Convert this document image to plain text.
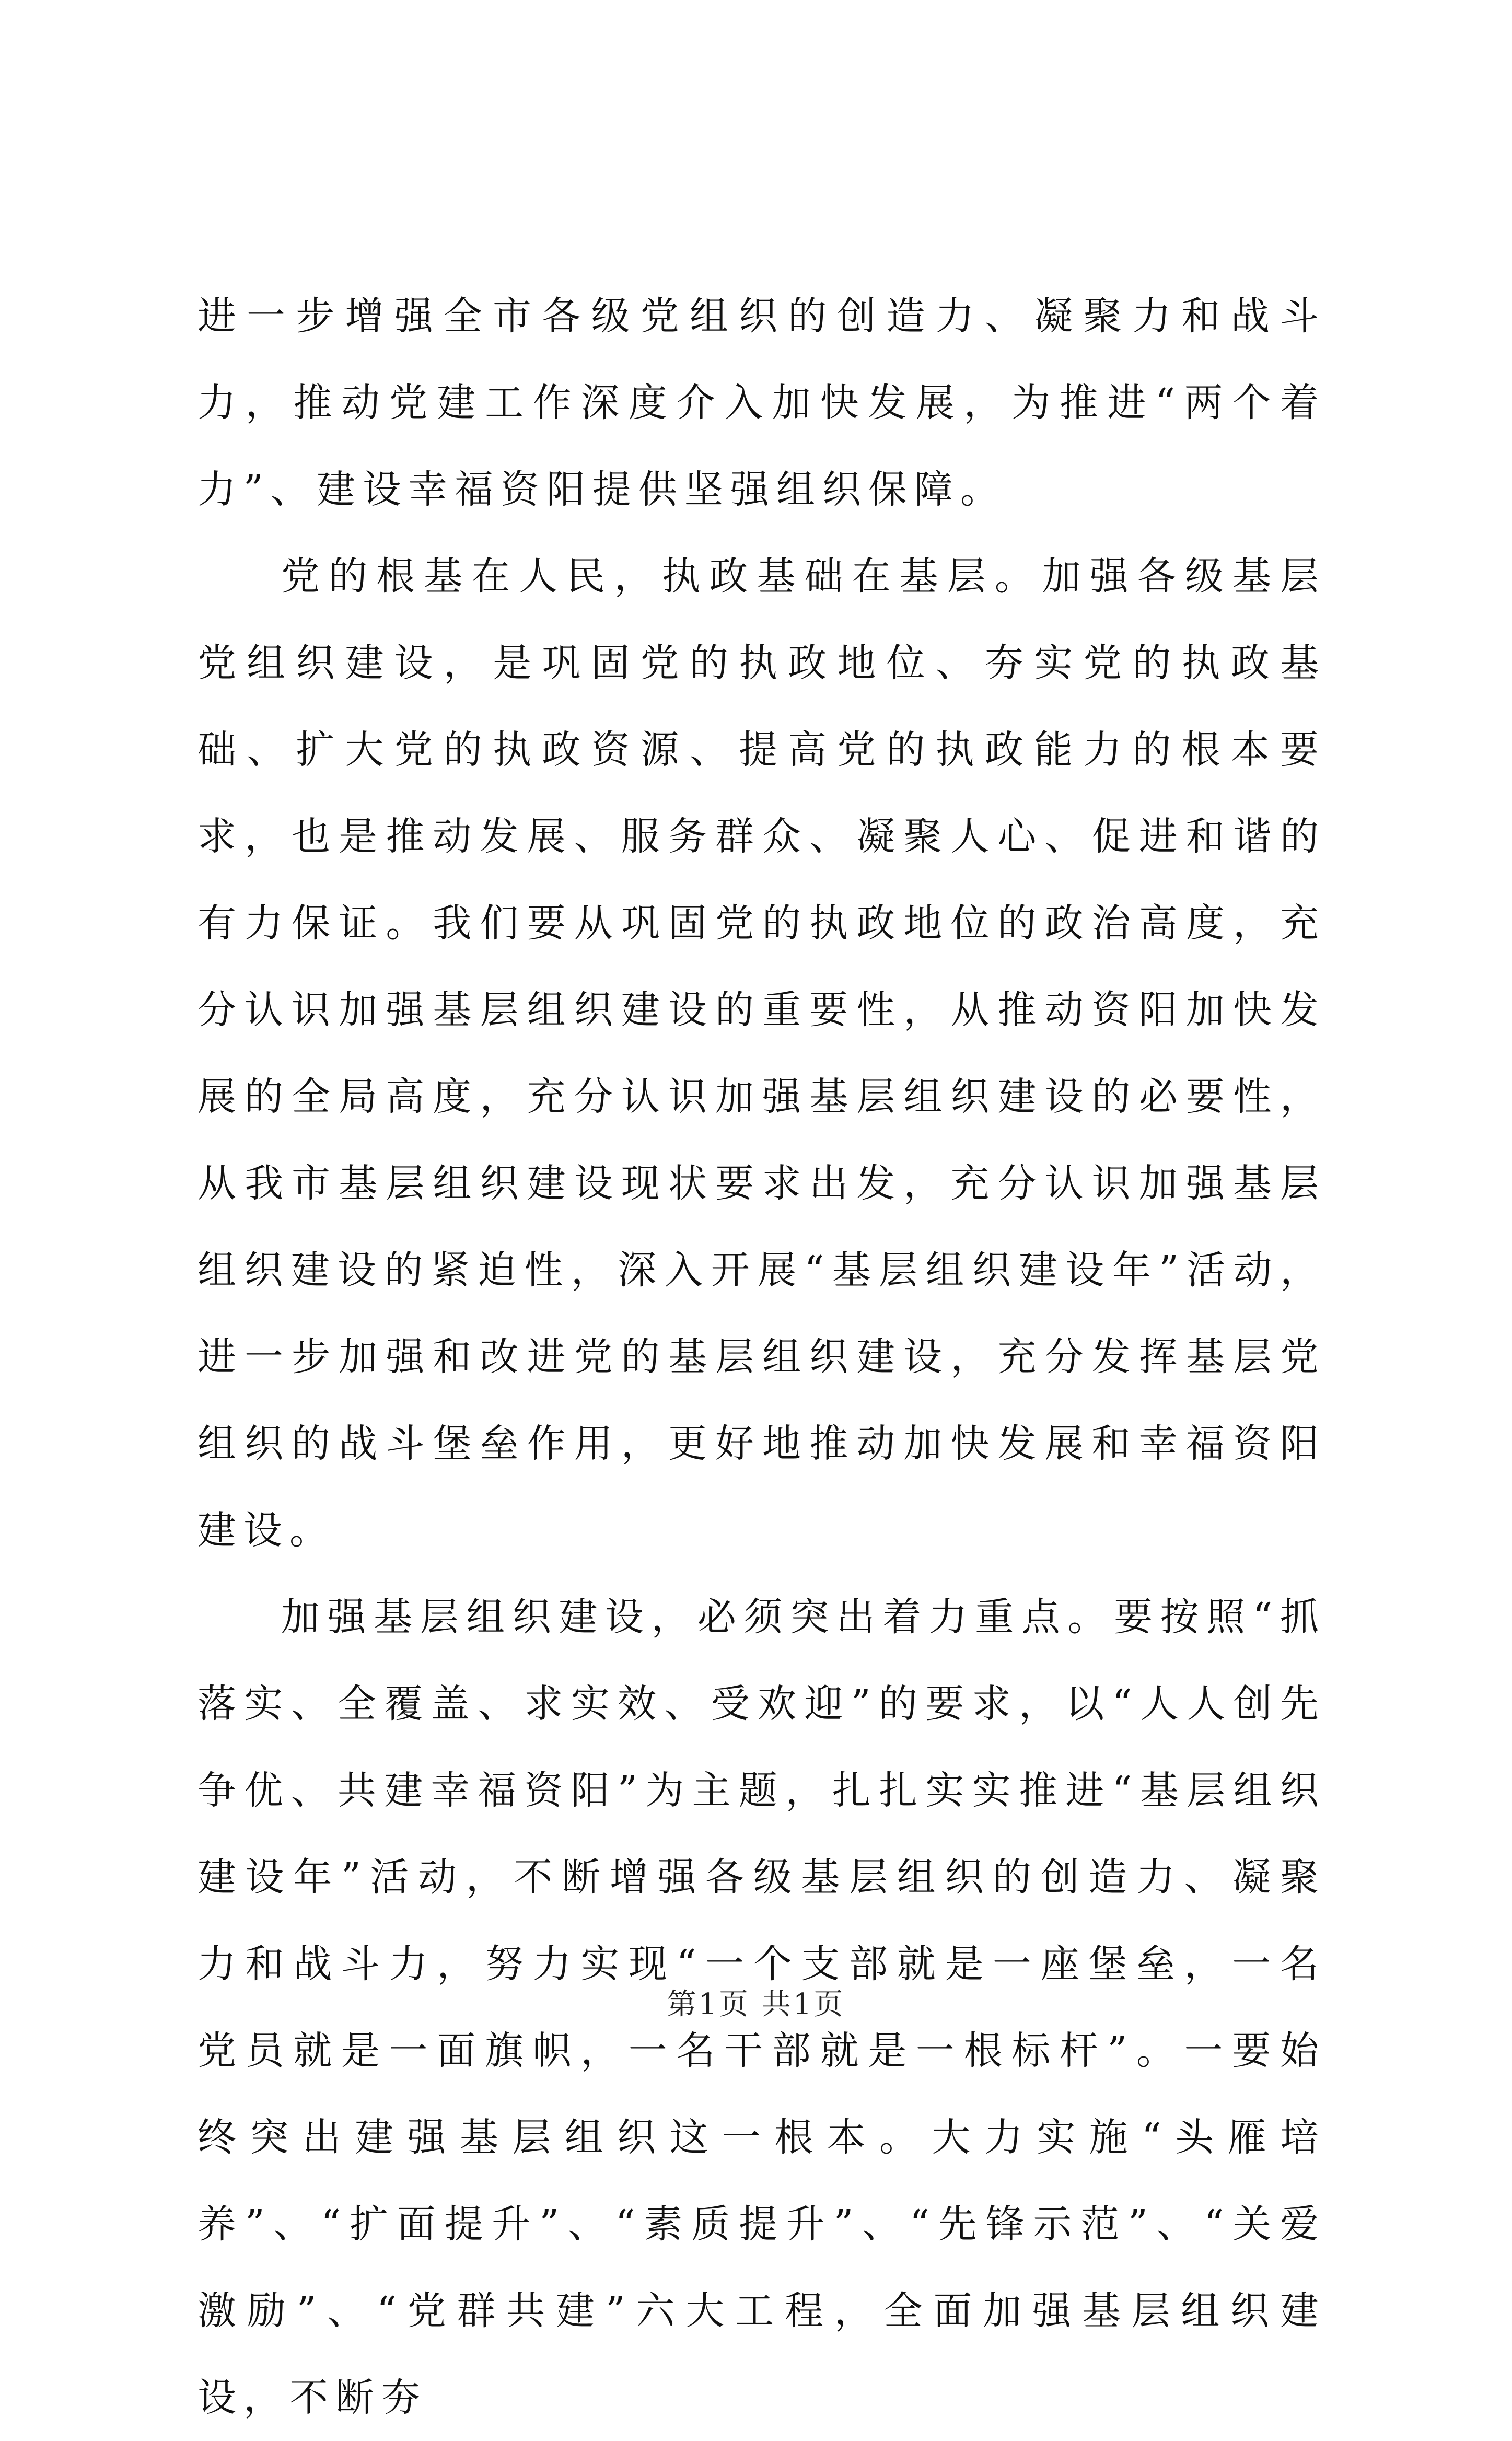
进一步增强全市各级党组织的创造力、凝聚力和战斗力，推动党建工作深度介入加快发展，为推进“两个着力”、建设幸福资阳提供坚强组织保障。

党的根基在人民，执政基础在基层。加强各级基层党组织建设，是巩固党的执政地位、夯实党的执政基础、扩大党的执政资源、提高党的执政能力的根本要求，也是推动发展、服务群众、凝聚人心、促进和谐的有力保证。我们要从巩固党的执政地位的政治高度，充分认识加强基层组织建设的重要性，从推动资阳加快发展的全局高度，充分认识加强基层组织建设的必要性，从我市基层组织建设现状要求出发，充分认识加强基层组织建设的紧迫性，深入开展“基层组织建设年”活动，进一步加强和改进党的基层组织建设，充分发挥基层党组织的战斗堡垒作用，更好地推动加快发展和幸福资阳建设。

加强基层组织建设，必须突出着力重点。要按照“抓落实、全覆盖、求实效、受欢迎”的要求，以“人人创先争优、共建幸福资阳”为主题，扎扎实实推进“基层组织建设年”活动，不断增强各级基层组织的创造力、凝聚力和战斗力，努力实现“一个支部就是一座堡垒，一名党员就是一面旗帜，一名干部就是一根标杆”。一要始终突出建强基层组织这一根本。大力实施“头雁培养”、“扩面提升”、“素质提升”、“先锋示范”、“关爱激励”、“党群共建”六大工程，全面加强基层组织建设，不断夯

第1页 共1页
